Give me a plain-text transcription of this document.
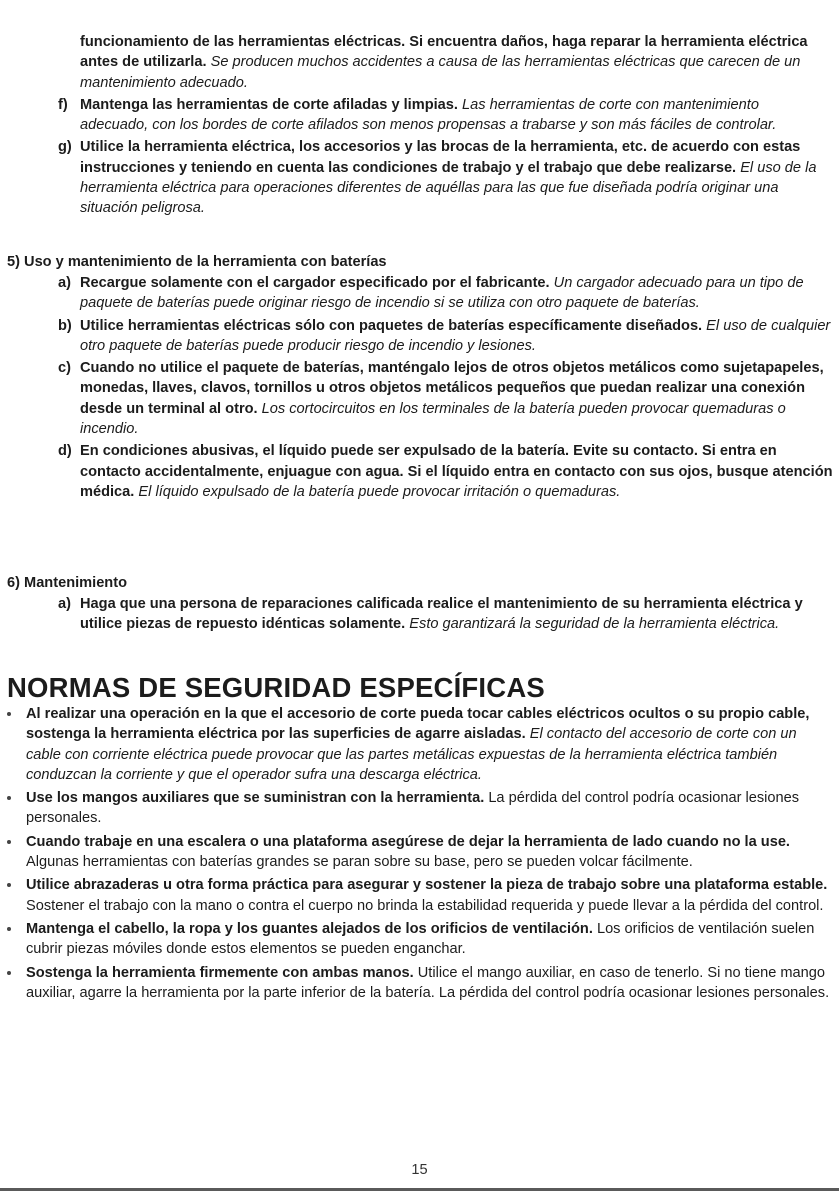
funcionamiento de las herramientas eléctricas. Si encuentra daños, haga reparar la herramienta eléctrica antes de utilizarla. Se producen muchos accidentes a causa de las herramientas eléctricas que carecen de un mantenimiento adecuado.
f) Mantenga las herramientas de corte afiladas y limpias. Las herramientas de corte con mantenimiento adecuado, con los bordes de corte afilados son menos propensas a trabarse y son más fáciles de controlar.
g) Utilice la herramienta eléctrica, los accesorios y las brocas de la herramienta, etc. de acuerdo con estas instrucciones y teniendo en cuenta las condiciones de trabajo y el trabajo que debe realizarse. El uso de la herramienta eléctrica para operaciones diferentes de aquéllas para las que fue diseñada podría originar una situación peligrosa.
5) Uso y mantenimiento de la herramienta con baterías
a) Recargue solamente con el cargador especificado por el fabricante. Un cargador adecuado para un tipo de paquete de baterías puede originar riesgo de incendio si se utiliza con otro paquete de baterías.
b) Utilice herramientas eléctricas sólo con paquetes de baterías específicamente diseñados. El uso de cualquier otro paquete de baterías puede producir riesgo de incendio y lesiones.
c) Cuando no utilice el paquete de baterías, manténgalo lejos de otros objetos metálicos como sujetapapeles, monedas, llaves, clavos, tornillos u otros objetos metálicos pequeños que puedan realizar una conexión desde un terminal al otro. Los cortocircuitos en los terminales de la batería pueden provocar quemaduras o incendio.
d) En condiciones abusivas, el líquido puede ser expulsado de la batería. Evite su contacto. Si entra en contacto accidentalmente, enjuague con agua. Si el líquido entra en contacto con sus ojos, busque atención médica. El líquido expulsado de la batería puede provocar irritación o quemaduras.
6) Mantenimiento
a) Haga que una persona de reparaciones calificada realice el mantenimiento de su herramienta eléctrica y utilice piezas de repuesto idénticas solamente. Esto garantizará la seguridad de la herramienta eléctrica.
NORMAS DE SEGURIDAD ESPECÍFICAS
Al realizar una operación en la que el accesorio de corte pueda tocar cables eléctricos ocultos o su propio cable, sostenga la herramienta eléctrica por las superficies de agarre aisladas. El contacto del accesorio de corte con un cable con corriente eléctrica puede provocar que las partes metálicas expuestas de la herramienta eléctrica también conduzcan la corriente y que el operador sufra una descarga eléctrica.
Use los mangos auxiliares que se suministran con la herramienta. La pérdida del control podría ocasionar lesiones personales.
Cuando trabaje en una escalera o una plataforma asegúrese de dejar la herramienta de lado cuando no la use. Algunas herramientas con baterías grandes se paran sobre su base, pero se pueden volcar fácilmente.
Utilice abrazaderas u otra forma práctica para asegurar y sostener la pieza de trabajo sobre una plataforma estable. Sostener el trabajo con la mano o contra el cuerpo no brinda la estabilidad requerida y puede llevar a la pérdida del control.
Mantenga el cabello, la ropa y los guantes alejados de los orificios de ventilación. Los orificios de ventilación suelen cubrir piezas móviles donde estos elementos se pueden enganchar.
Sostenga la herramienta firmemente con ambas manos. Utilice el mango auxiliar, en caso de tenerlo. Si no tiene mango auxiliar, agarre la herramienta por la parte inferior de la batería. La pérdida del control podría ocasionar lesiones personales.
15
